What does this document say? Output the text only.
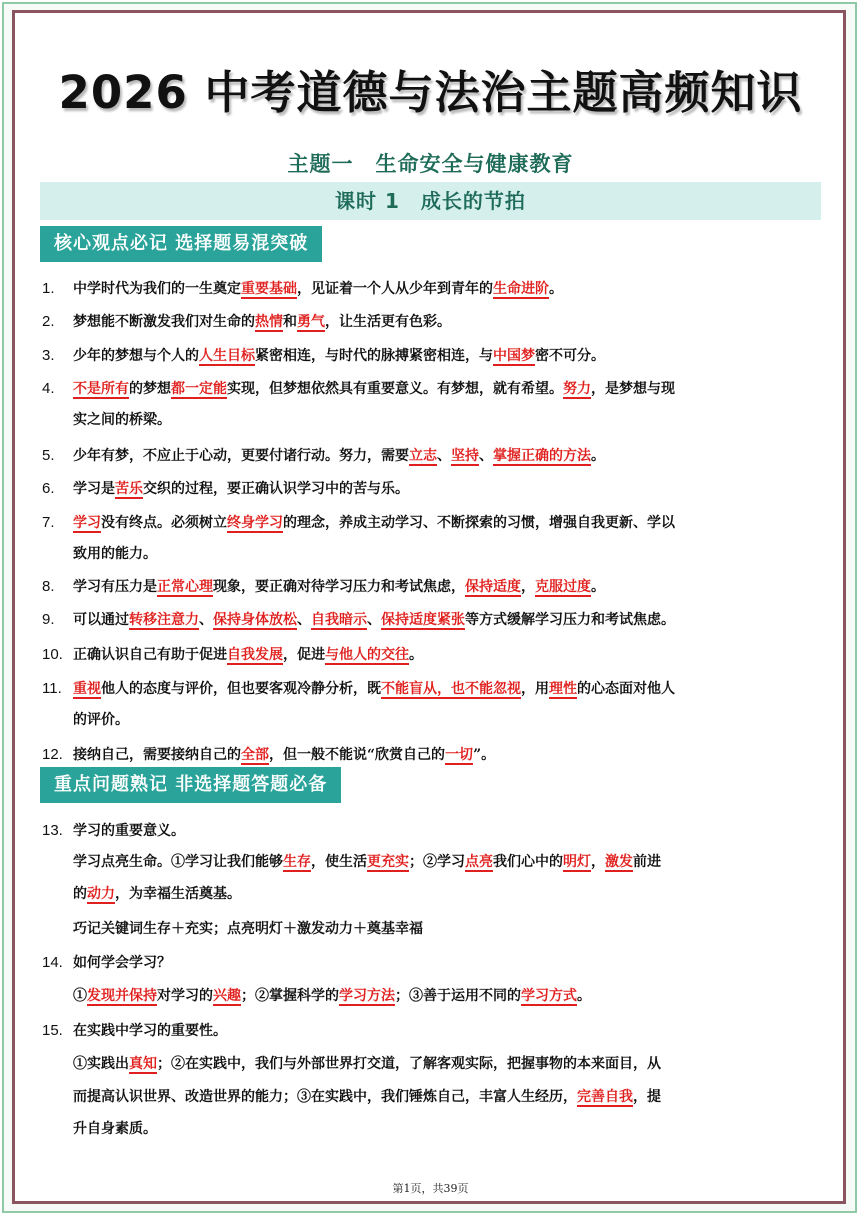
2026 中考道德与法治主题高频知识
主题一　生命安全与健康教育
课时 1　成长的节拍
核心观点必记 选择题易混突破
重点问题熟记 非选择题答题必备
1. 中学时代为我们的一生奠定重要基础，见证着一个人从少年到青年的生命进阶。
2. 梦想能不断激发我们对生命的热情和勇气，让生活更有色彩。
3. 少年的梦想与个人的人生目标紧密相连，与时代的脉搏紧密相连，与中国梦密不可分。
4. 不是所有的梦想都一定能实现，但梦想依然具有重要意义。有梦想，就有希望。努力，是梦想与现
实之间的桥梁。
5. 少年有梦，不应止于心动，更要付诸行动。努力，需要立志、坚持、掌握正确的方法。
6. 学习是苦乐交织的过程，要正确认识学习中的苦与乐。
7. 学习没有终点。必须树立终身学习的理念，养成主动学习、不断探索的习惯，增强自我更新、学以
致用的能力。
8. 学习有压力是正常心理现象，要正确对待学习压力和考试焦虑，保持适度，克服过度。
9. 可以通过转移注意力、保持身体放松、自我暗示、保持适度紧张等方式缓解学习压力和考试焦虑。
10. 正确认识自己有助于促进自我发展，促进与他人的交往。
11. 重视他人的态度与评价，但也要客观冷静分析，既不能盲从，也不能忽视，用理性的心态面对他人
的评价。
12. 接纳自己，需要接纳自己的全部，但一般不能说“欣赏自己的一切”。
13. 学习的重要意义。
学习点亮生命。①学习让我们能够生存，使生活更充实；②学习点亮我们心中的明灯，激发前进
的动力，为幸福生活奠基。
巧记关键词生存＋充实；点亮明灯＋激发动力＋奠基幸福
14. 如何学会学习？
①发现并保持对学习的兴趣；②掌握科学的学习方法；③善于运用不同的学习方式。
15. 在实践中学习的重要性。
①实践出真知；②在实践中，我们与外部世界打交道，了解客观实际，把握事物的本来面目，从
而提高认识世界、改造世界的能力；③在实践中，我们锤炼自己，丰富人生经历，完善自我，提
升自身素质。
第1页，共39页
